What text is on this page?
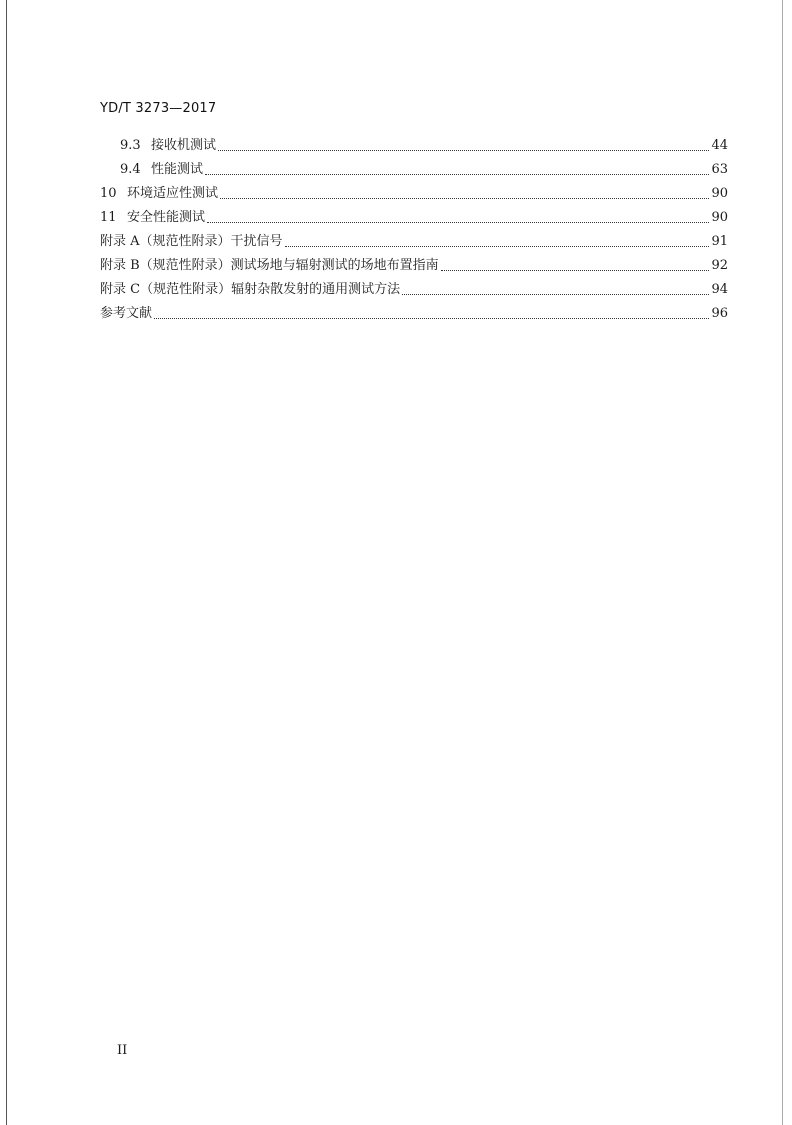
YD/T 3273—2017
9.3 接收机测试	44
9.4 性能测试	63
10 环境适应性测试	90
11 安全性能测试	90
附录 A（规范性附录）干扰信号	91
附录 B（规范性附录）测试场地与辐射测试的场地布置指南	92
附录 C（规范性附录）辐射杂散发射的通用测试方法	94
参考文献	96
II
